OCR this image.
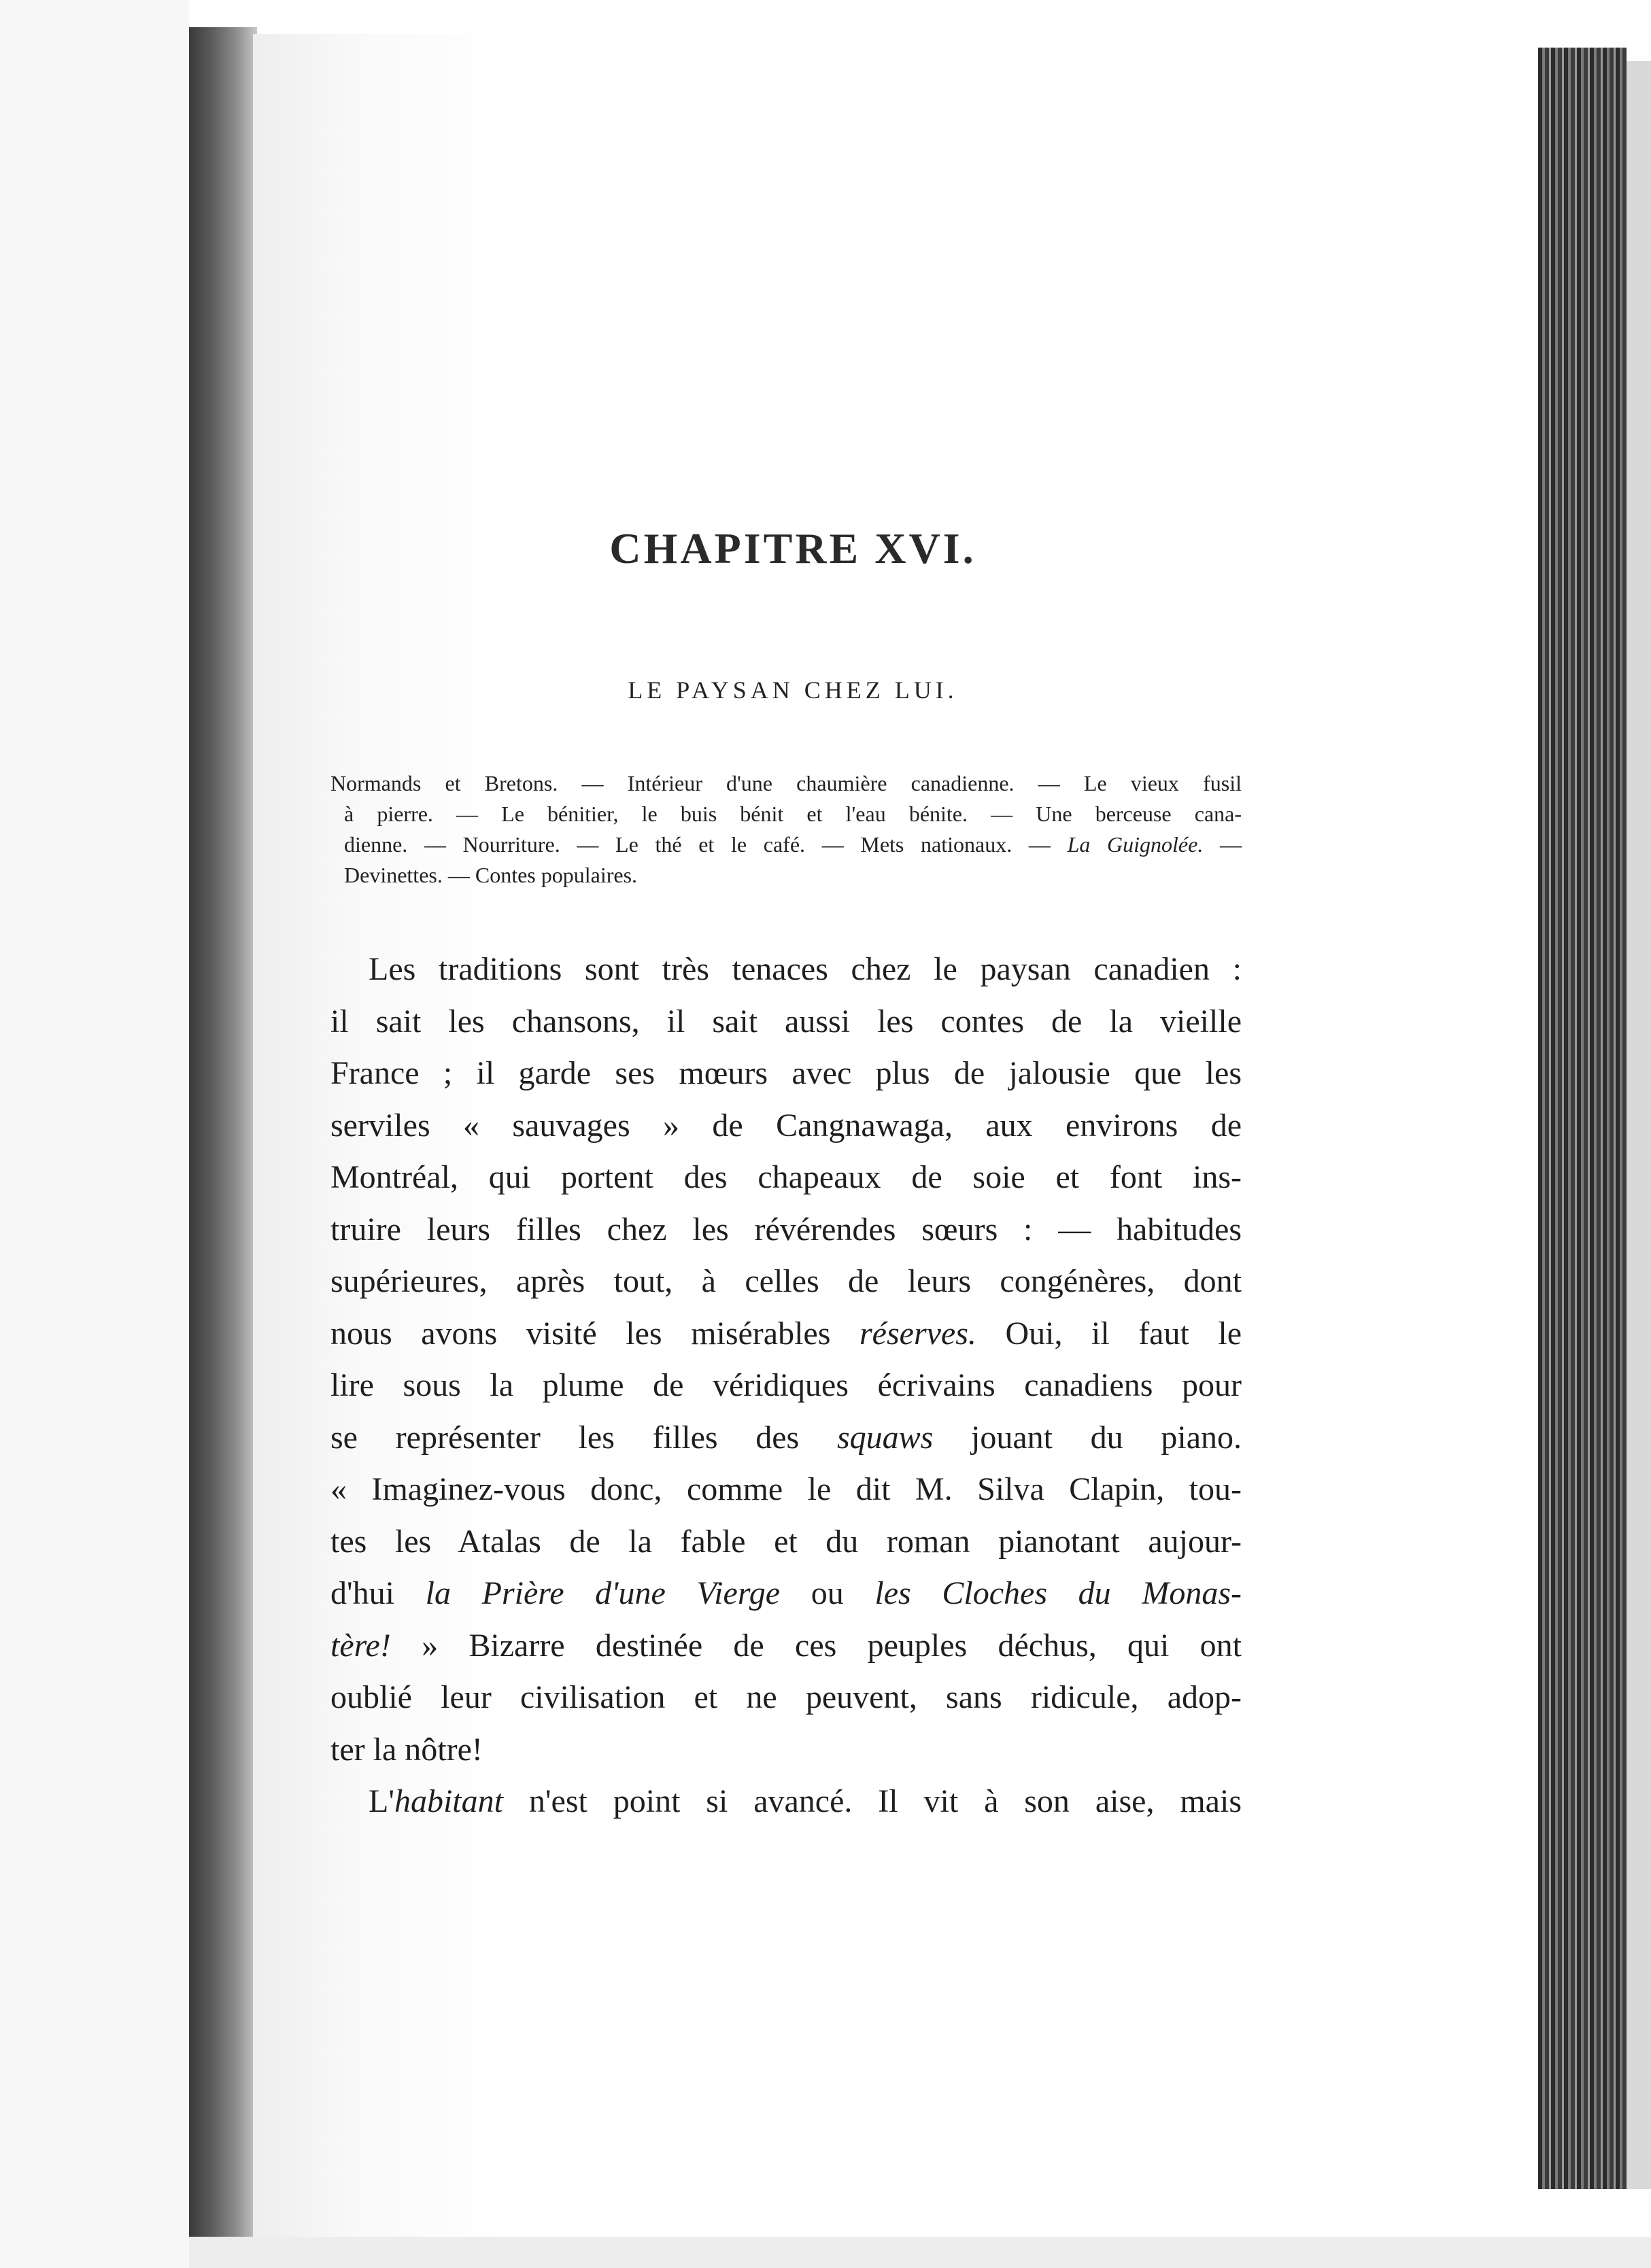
CHAPITRE XVI.
LE PAYSAN CHEZ LUI.
Normands et Bretons. — Intérieur d'une chaumière canadienne. — Le vieux fusil
à pierre. — Le bénitier, le buis bénit et l'eau bénite. — Une berceuse cana-
dienne. — Nourriture. — Le thé et le café. — Mets nationaux. — La Guignolée. —
Devinettes. — Contes populaires.
Les traditions sont très tenaces chez le paysan canadien :
il sait les chansons, il sait aussi les contes de la vieille
France ; il garde ses mœurs avec plus de jalousie que les
serviles « sauvages » de Cangnawaga, aux environs de
Montréal, qui portent des chapeaux de soie et font ins-
truire leurs filles chez les révérendes sœurs : — habitudes
supérieures, après tout, à celles de leurs congénères, dont
nous avons visité les misérables réserves. Oui, il faut le
lire sous la plume de véridiques écrivains canadiens pour
se représenter les filles des squaws jouant du piano.
« Imaginez-vous donc, comme le dit M. Silva Clapin, tou-
tes les Atalas de la fable et du roman pianotant aujour-
d'hui la Prière d'une Vierge ou les Cloches du Monas-
tère! » Bizarre destinée de ces peuples déchus, qui ont
oublié leur civilisation et ne peuvent, sans ridicule, adop-
ter la nôtre!
L'habitant n'est point si avancé. Il vit à son aise, mais
